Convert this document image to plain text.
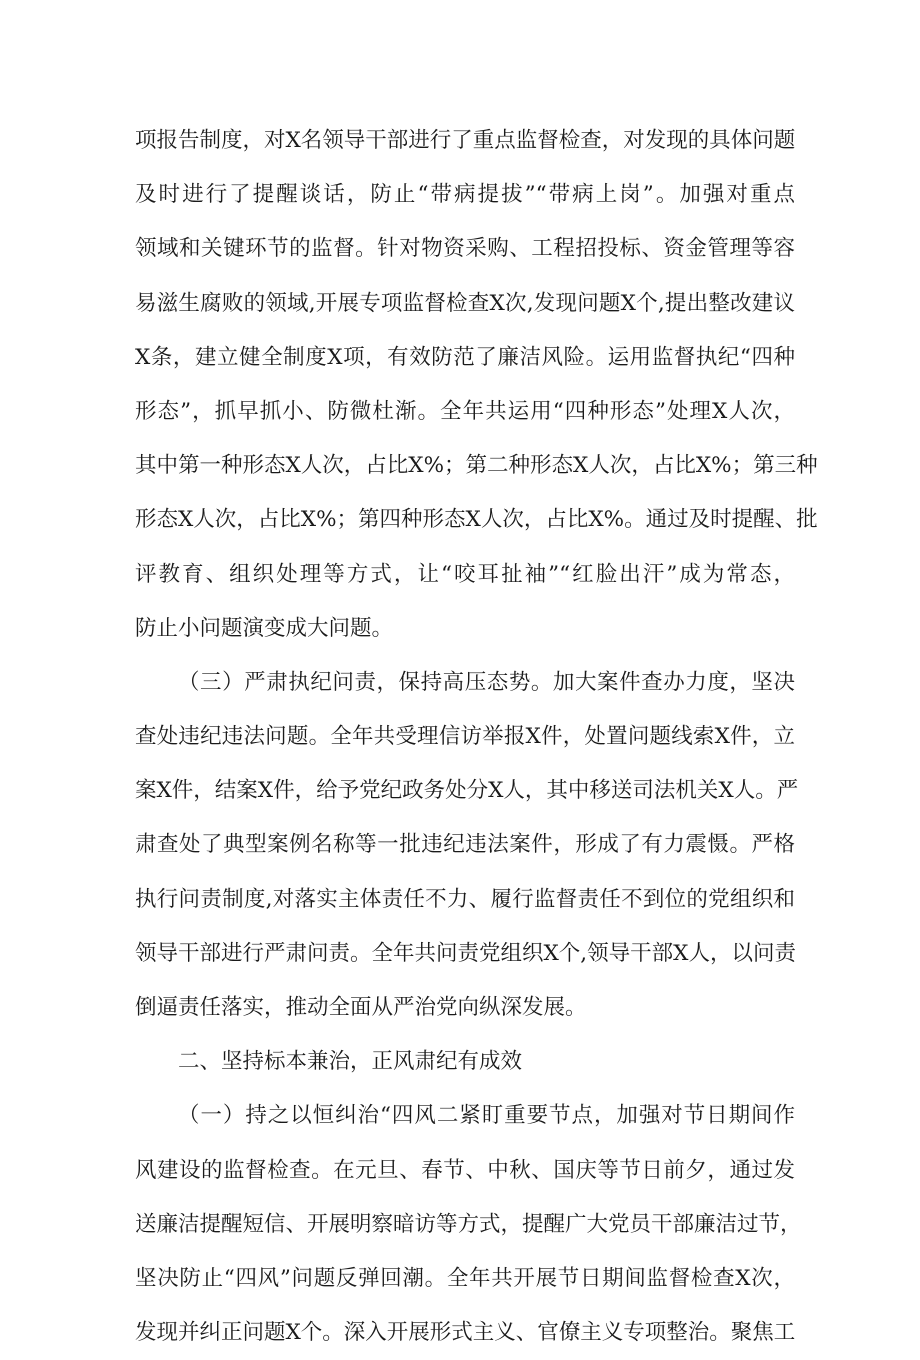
项报告制度，对X名领导干部进行了重点监督检查，对发现的具体问题
及时进行了提醒谈话，防止“带病提拔”“带病上岗”。加强对重点
领域和关键环节的监督。针对物资采购、工程招投标、资金管理等容
易滋生腐败的领域,开展专项监督检查X次,发现问题X个,提出整改建议
X条，建立健全制度X项，有效防范了廉洁风险。运用监督执纪“四种
形态”，抓早抓小、防微杜渐。全年共运用“四种形态”处理X人次，
其中第一种形态X人次，占比X%；第二种形态X人次，占比X%；第三种
形态X人次，占比X%；第四种形态X人次，占比X%。通过及时提醒、批
评教育、组织处理等方式，让“咬耳扯袖”“红脸出汗”成为常态，
防止小问题演变成大问题。
（三）严肃执纪问责，保持高压态势。加大案件查办力度，坚决
查处违纪违法问题。全年共受理信访举报X件，处置问题线索X件，立
案X件，结案X件，给予党纪政务处分X人，其中移送司法机关X人。严
肃查处了典型案例名称等一批违纪违法案件，形成了有力震慑。严格
执行问责制度,对落实主体责任不力、履行监督责任不到位的党组织和
领导干部进行严肃问责。全年共问责党组织X个,领导干部X人，以问责
倒逼责任落实，推动全面从严治党向纵深发展。
二、坚持标本兼治，正风肃纪有成效
（一）持之以恒纠治“四风二紧盯重要节点，加强对节日期间作
风建设的监督检查。在元旦、春节、中秋、国庆等节日前夕，通过发
送廉洁提醒短信、开展明察暗访等方式，提醒广大党员干部廉洁过节，
坚决防止“四风”问题反弹回潮。全年共开展节日期间监督检查X次，
发现并纠正问题X个。深入开展形式主义、官僚主义专项整治。聚焦工
